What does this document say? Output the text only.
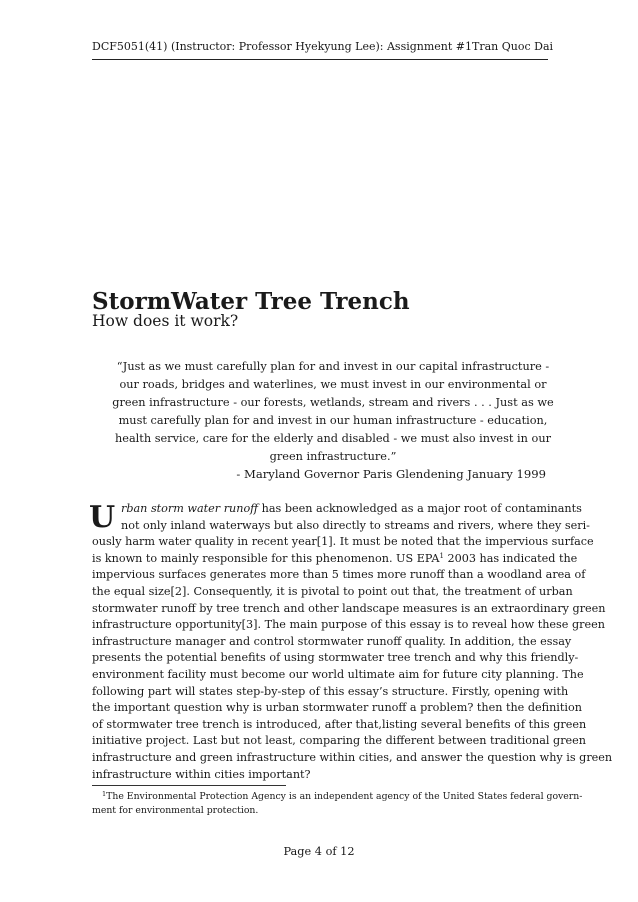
DCF5051(41) (Instructor: Professor Hyekyung Lee): Assignment #1 Tran Quoc Dai
StormWater Tree Trench
How does it work?
“Just as we must carefully plan for and invest in our capital infrastructure -
our roads, bridges and waterlines, we must invest in our environmental or
green infrastructure - our forests, wetlands, stream and rivers . . . Just as we
must carefully plan for and invest in our human infrastructure - education,
health service, care for the elderly and disabled - we must also invest in our
green infrastructure.”
- Maryland Governor Paris Glendening January 1999
U rban storm water runoff has been acknowledged as a major root of contaminants
not only inland waterways but also directly to streams and rivers, where they seri-
ously harm water quality in recent year[1]. It must be noted that the impervious surface
is known to mainly responsible for this phenomenon. US EPA$^1$ 2003 has indicated the
impervious surfaces generates more than 5 times more runoff than a woodland area of
the equal size[2]. Consequently, it is pivotal to point out that, the treatment of urban
stormwater runoff by tree trench and other landscape measures is an extraordinary green
infrastructure opportunity[3]. The main purpose of this essay is to reveal how these green
infrastructure manager and control stormwater runoff quality. In addition, the essay
presents the potential benefits of using stormwater tree trench and why this friendly-
environment facility must become our world ultimate aim for future city planning. The
following part will states step-by-step of this essay’s structure. Firstly, opening with
the important question why is urban stormwater runoff a problem? then the definition
of stormwater tree trench is introduced, after that,listing several benefits of this green
initiative project. Last but not least, comparing the different between traditional green
infrastructure and green infrastructure within cities, and answer the question why is green
infrastructure within cities important?
$^1$The Environmental Protection Agency is an independent agency of the United States federal govern-
ment for environmental protection.
Page 4 of 12
